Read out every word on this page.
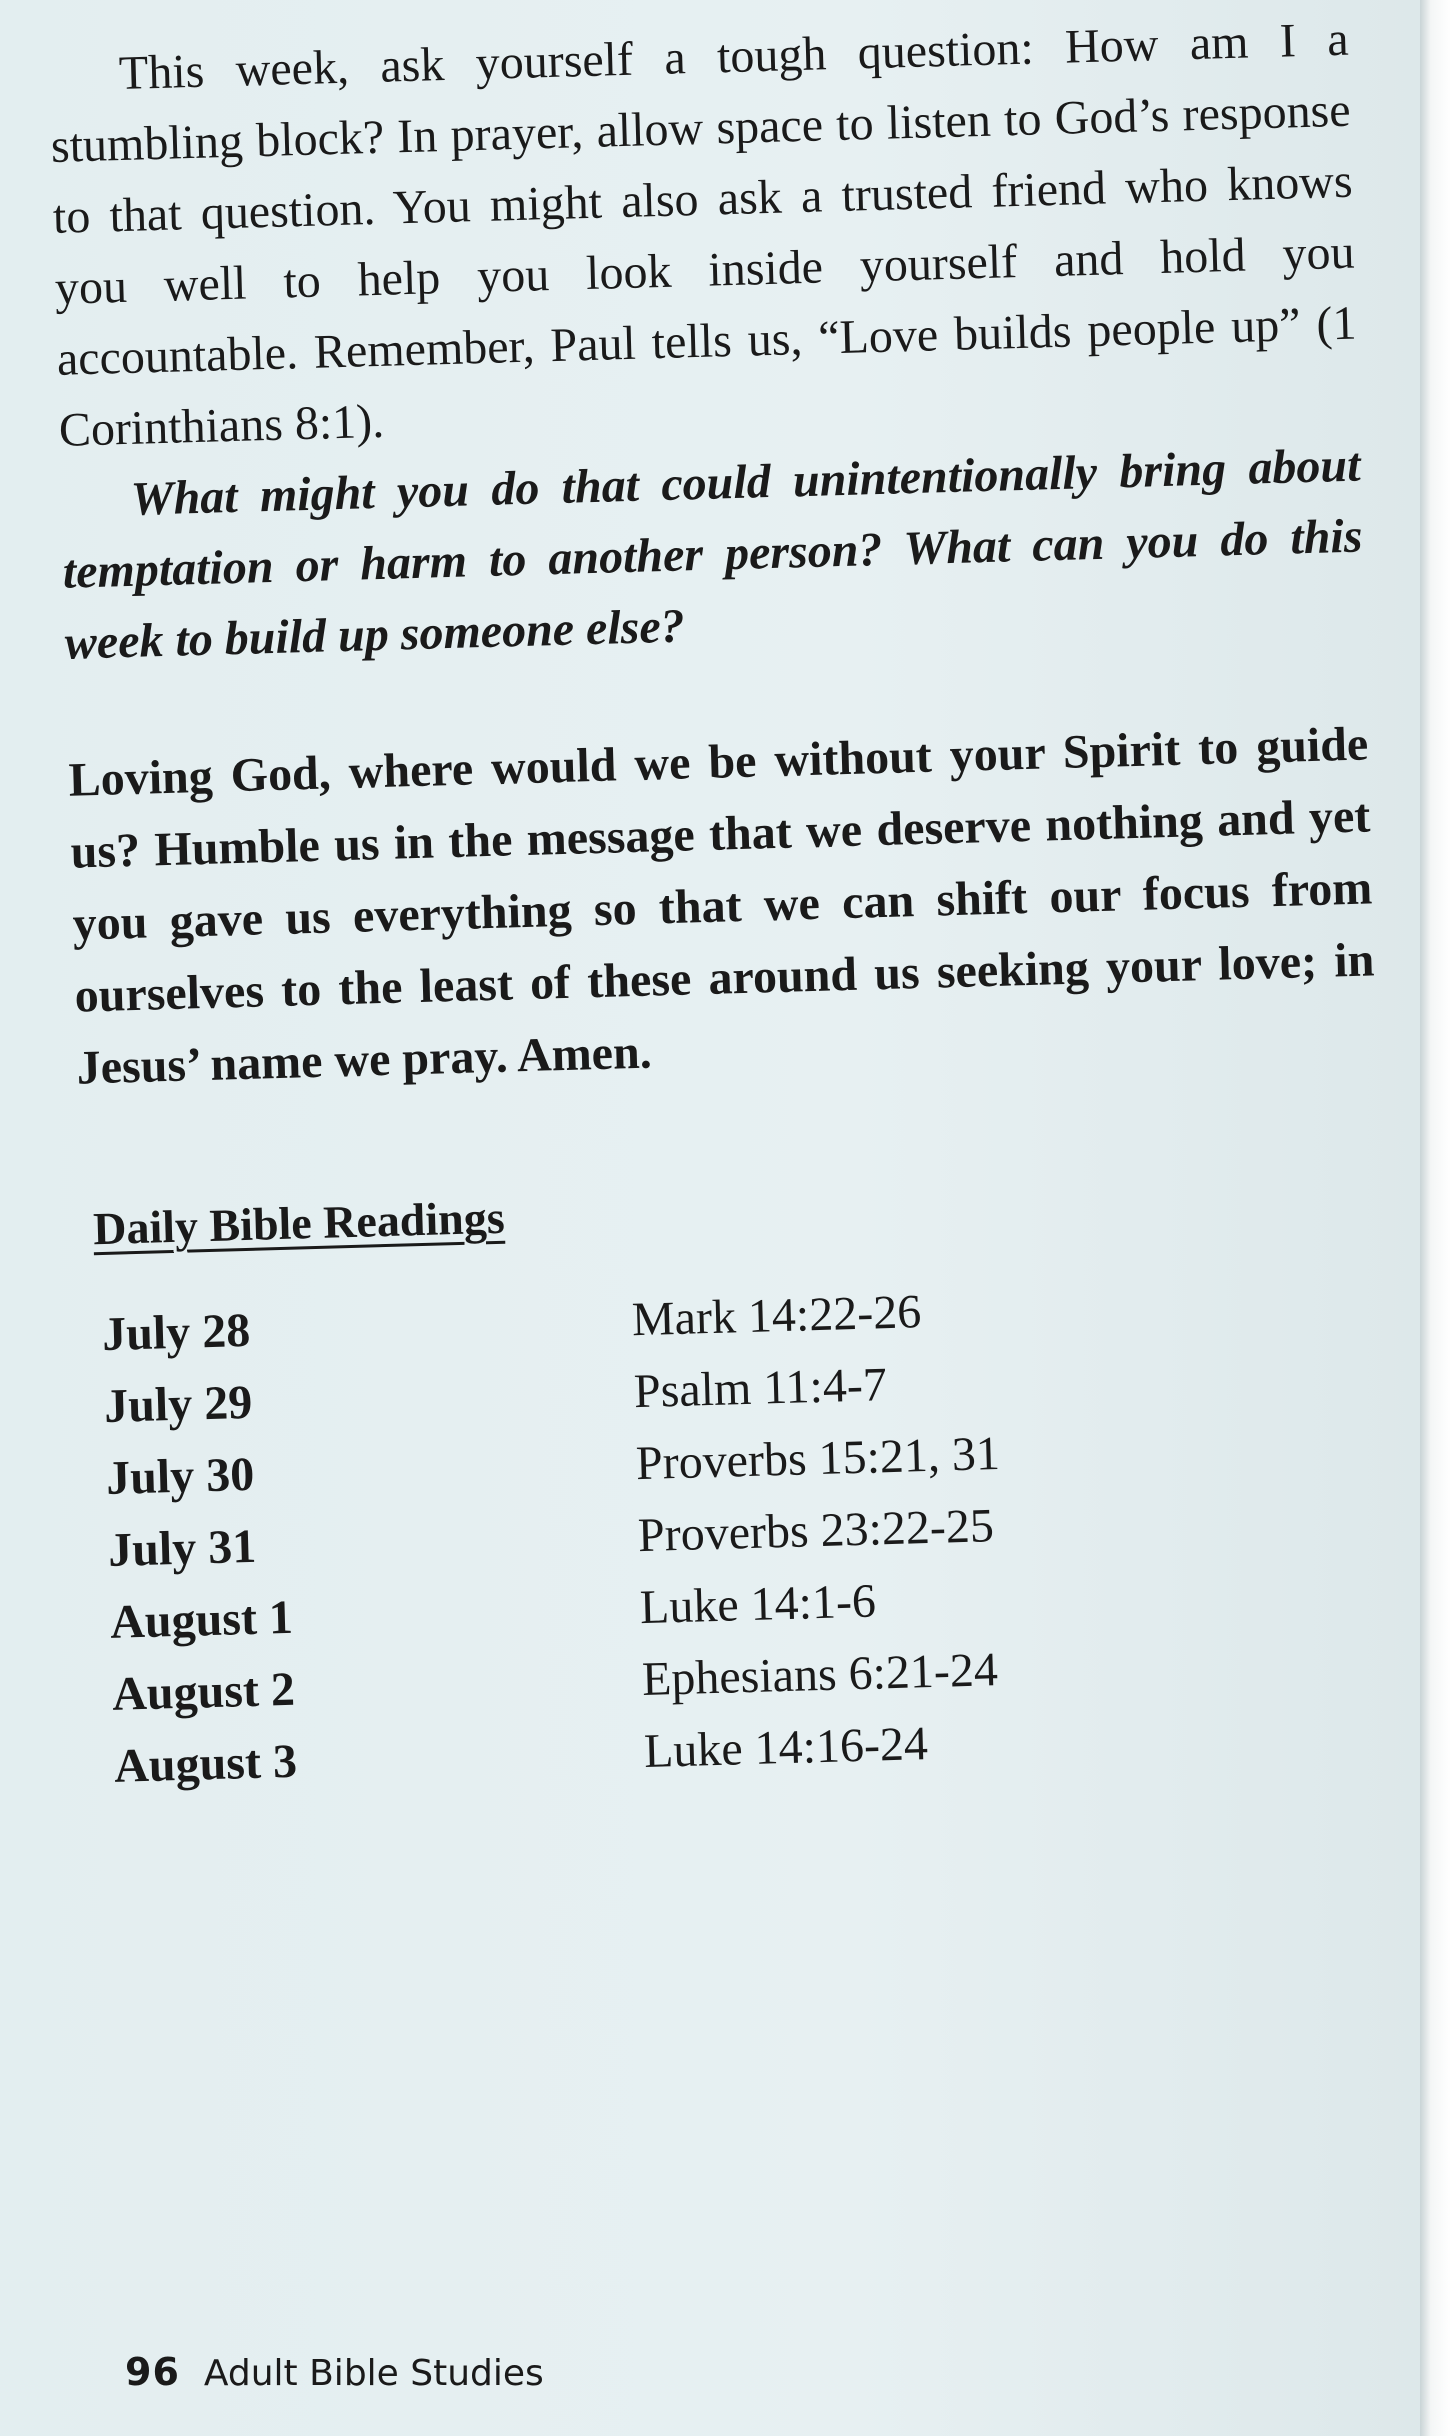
This week, ask yourself a tough question: How am I a stumbling block? In prayer, allow space to listen to God’s response to that question. You might also ask a trusted friend who knows you well to help you look inside yourself and hold you accountable. Remember, Paul tells us, “Love builds people up” (1 Corinthians 8:1).

What might you do that could unintentionally bring about temptation or harm to another person? What can you do this week to build up someone else?

Loving God, where would we be without your Spirit to guide us? Humble us in the message that we deserve nothing and yet you gave us everything so that we can shift our focus from ourselves to the least of these around us seeking your love; in Jesus’ name we pray. Amen.

Daily Bible Readings
July 28	Mark 14:22-26
July 29	Psalm 11:4-7
July 30	Proverbs 15:21, 31
July 31	Proverbs 23:22-25
August 1	Luke 14:1-6
August 2	Ephesians 6:21-24
August 3	Luke 14:16-24
96 Adult Bible Studies
